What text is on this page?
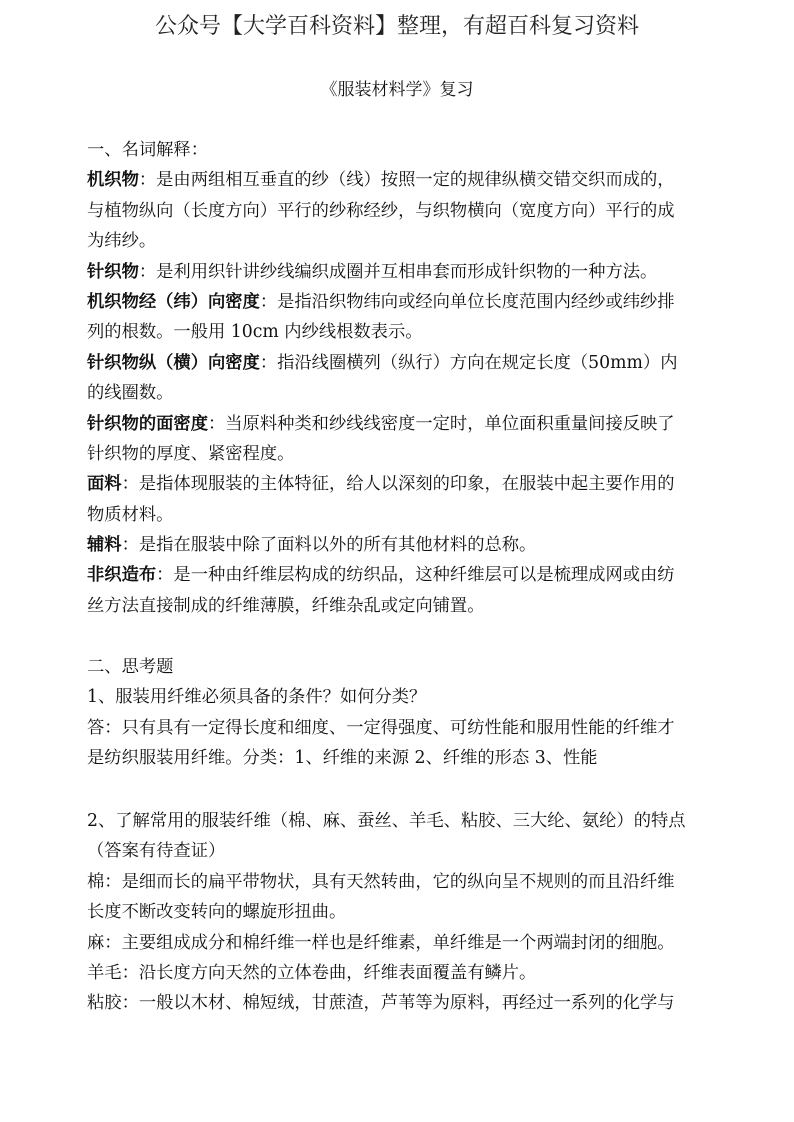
公众号【大学百科资料】整理，有超百科复习资料
《服装材料学》复习
一、名词解释：
机织物：是由两组相互垂直的纱（线）按照一定的规律纵横交错交织而成的，
与植物纵向（长度方向）平行的纱称经纱，与织物横向（宽度方向）平行的成
为纬纱。
针织物：是利用织针讲纱线编织成圈并互相串套而形成针织物的一种方法。
机织物经（纬）向密度：是指沿织物纬向或经向单位长度范围内经纱或纬纱排
列的根数。一般用 10cm 内纱线根数表示。
针织物纵（横）向密度：指沿线圈横列（纵行）方向在规定长度（50mm）内
的线圈数。
针织物的面密度：当原料种类和纱线线密度一定时，单位面积重量间接反映了
针织物的厚度、紧密程度。
面料：是指体现服装的主体特征，给人以深刻的印象，在服装中起主要作用的
物质材料。
辅料：是指在服装中除了面料以外的所有其他材料的总称。
非织造布：是一种由纤维层构成的纺织品，这种纤维层可以是梳理成网或由纺
丝方法直接制成的纤维薄膜，纤维杂乱或定向铺置。
二、思考题
1、服装用纤维必须具备的条件？如何分类？
答：只有具有一定得长度和细度、一定得强度、可纺性能和服用性能的纤维才
是纺织服装用纤维。分类：1、纤维的来源 2、纤维的形态 3、性能
2、了解常用的服装纤维（棉、麻、蚕丝、羊毛、粘胶、三大纶、氨纶）的特点
（答案有待查证）
棉：是细而长的扁平带物状，具有天然转曲，它的纵向呈不规则的而且沿纤维
长度不断改变转向的螺旋形扭曲。
麻：主要组成成分和棉纤维一样也是纤维素，单纤维是一个两端封闭的细胞。
羊毛：沿长度方向天然的立体卷曲，纤维表面覆盖有鳞片。
粘胶：一般以木材、棉短绒，甘蔗渣，芦苇等为原料，再经过一系列的化学与
